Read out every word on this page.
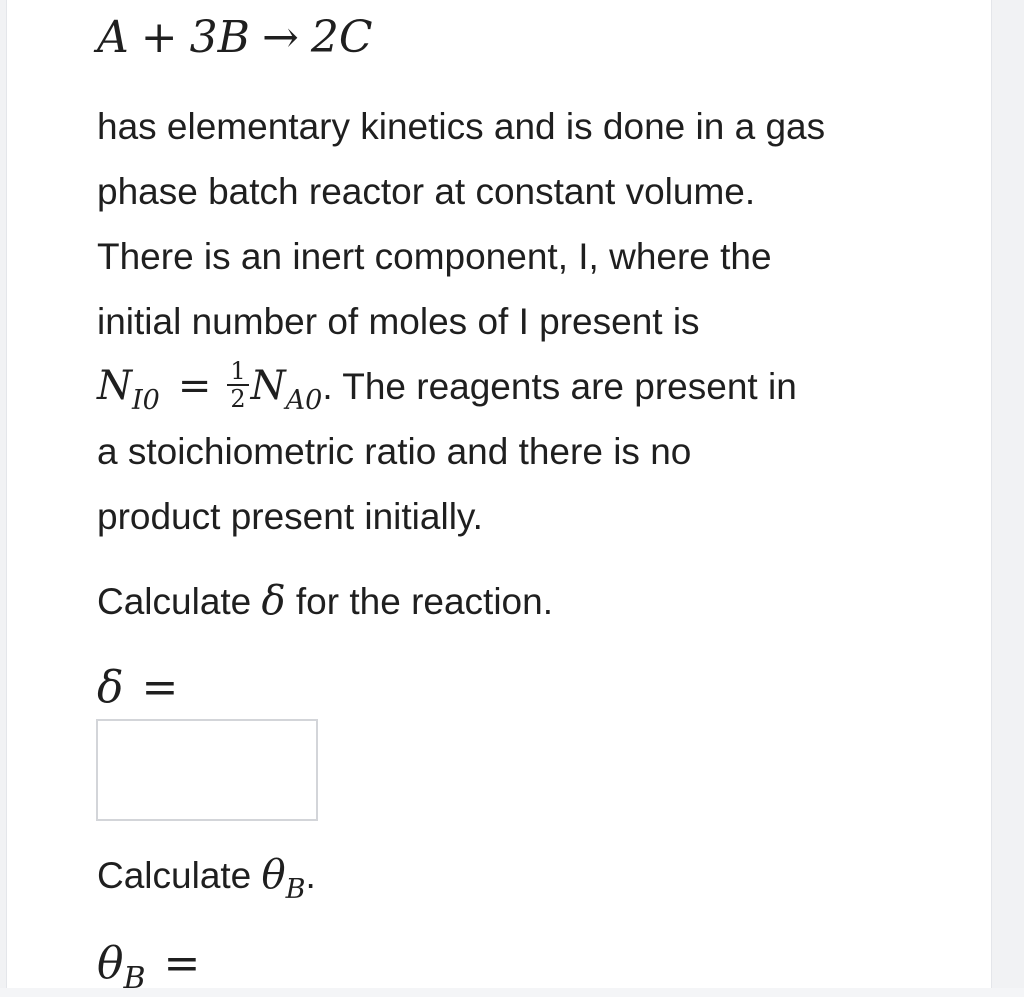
A + 3B → 2C
has elementary kinetics and is done in a gas
phase batch reactor at constant volume.
There is an inert component, I, where the
initial number of moles of I present is
$N_{I0} = \frac{1}{2} N_{A0}$. The reagents are present in
a stoichiometric ratio and there is no
product present initially.
Calculate δ for the reaction.
δ =
Calculate $\theta_B$.
$\theta_B$ =
